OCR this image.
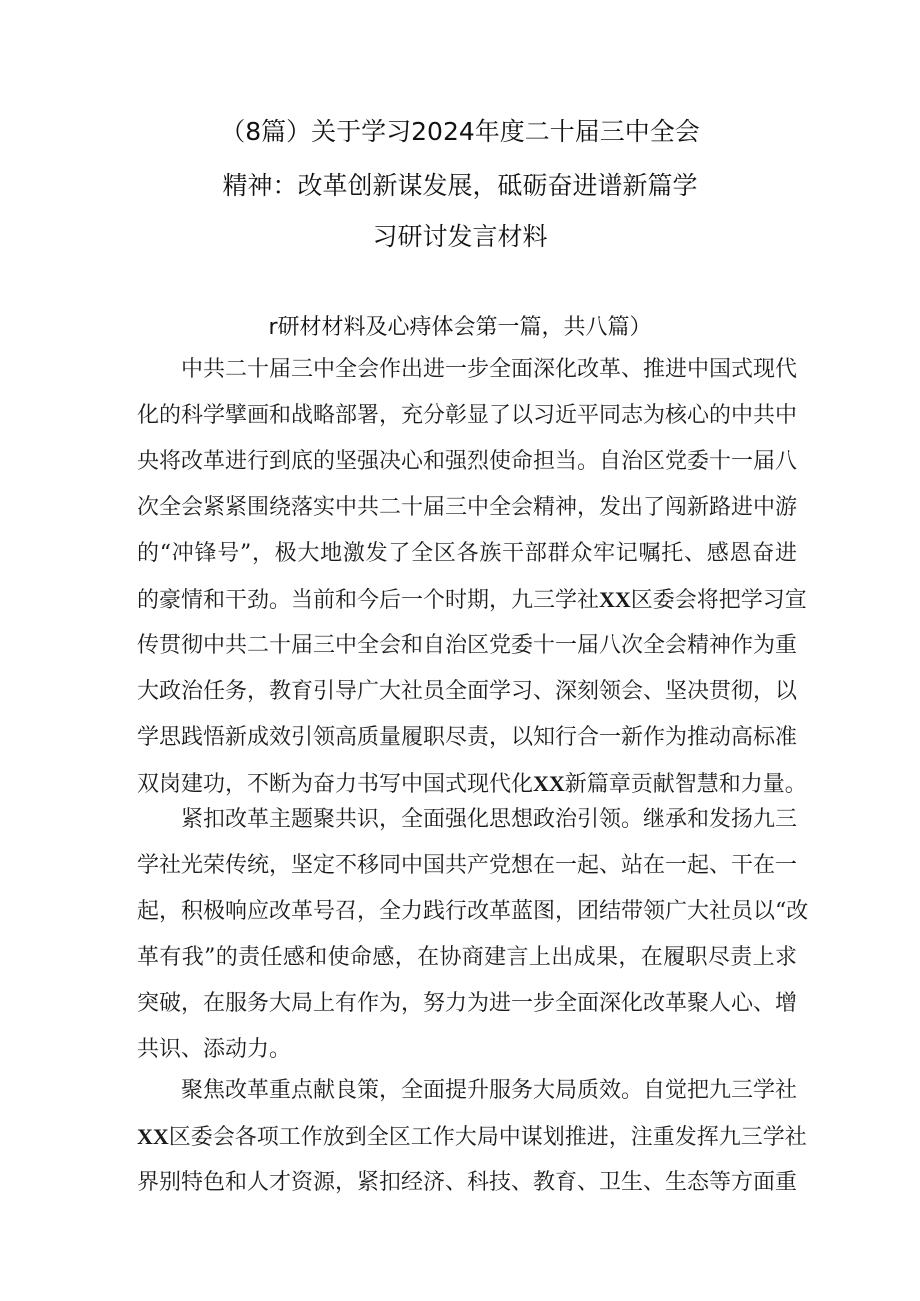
（8篇）关于学习2024年度二十届三中全会
精神：改革创新谋发展，砥砺奋进谱新篇学
习研讨发言材料
r研材材料及心痔体会第一篇，共八篇）
中共二十届三中全会作出进一步全面深化改革、推进中国式现代
化的科学擘画和战略部署，充分彰显了以习近平同志为核心的中共中
央将改革进行到底的坚强决心和强烈使命担当。自治区党委十一届八
次全会紧紧围绕落实中共二十届三中全会精神，发出了闯新路进中游
的“冲锋号”，极大地激发了全区各族干部群众牢记嘱托、感恩奋进
的豪情和干劲。当前和今后一个时期，九三学社XX区委会将把学习宣
传贯彻中共二十届三中全会和自治区党委十一届八次全会精神作为重
大政治任务，教育引导广大社员全面学习、深刻领会、坚决贯彻，以
学思践悟新成效引领高质量履职尽责，以知行合一新作为推动高标准
双岗建功，不断为奋力书写中国式现代化XX新篇章贡献智慧和力量。
紧扣改革主题聚共识，全面强化思想政治引领。继承和发扬九三
学社光荣传统，坚定不移同中国共产党想在一起、站在一起、干在一
起，积极响应改革号召，全力践行改革蓝图，团结带领广大社员以“改
革有我”的责任感和使命感，在协商建言上出成果，在履职尽责上求
突破，在服务大局上有作为，努力为进一步全面深化改革聚人心、增
共识、添动力。
聚焦改革重点献良策，全面提升服务大局质效。自觉把九三学社
XX区委会各项工作放到全区工作大局中谋划推进，注重发挥九三学社
界别特色和人才资源，紧扣经济、科技、教育、卫生、生态等方面重
